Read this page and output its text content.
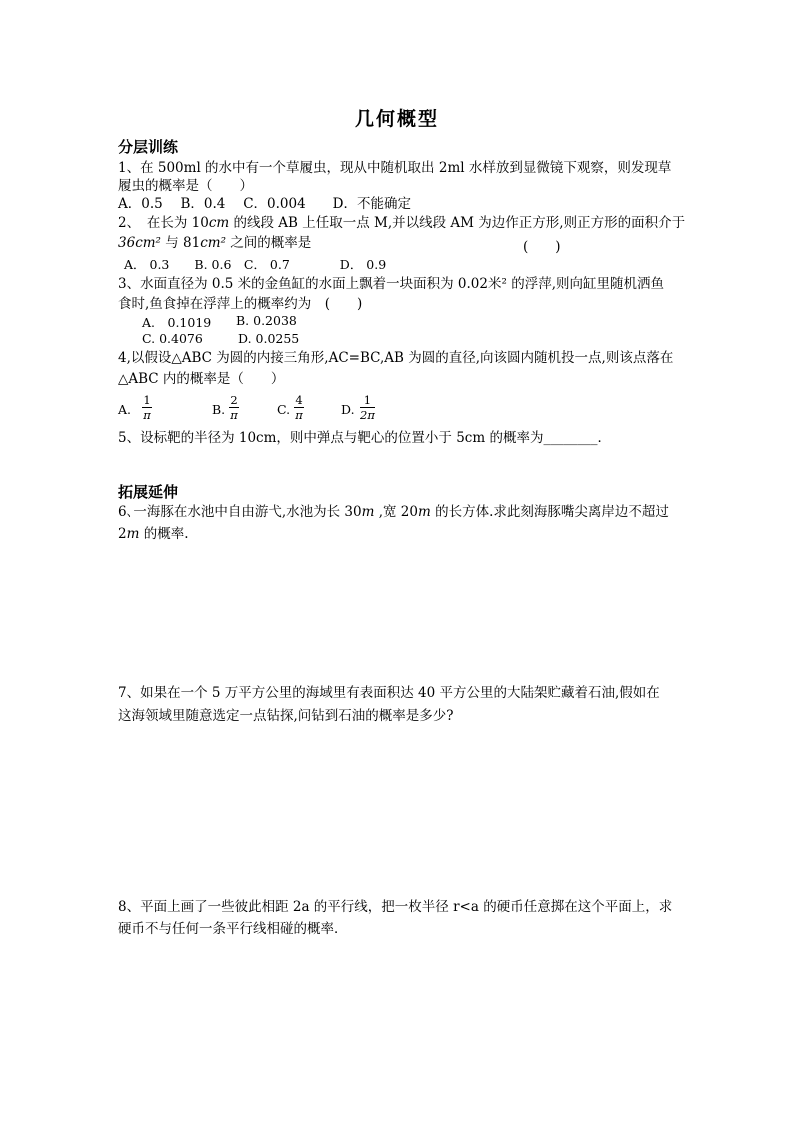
几何概型
分层训练
1、在 500ml 的水中有一个草履虫，现从中随机取出 2ml 水样放到显微镜下观察，则发现草
履虫的概率是（　　）
A．0.5　 B．0.4　 C．0.004　　D．不能确定
2、　在长为 10cm 的线段 AB 上任取一点 M,并以线段 AM 为边作正方形,则正方形的面积介于
36cm² 与 81cm² 之间的概率是	(　　)
A． 0.3　　B. 0.6　C． 0.7　　　　D． 0.9
3、水面直径为 0.5 米的金鱼缸的水面上飘着一块面积为 0.02米² 的浮萍,则向缸里随机洒鱼
食时,鱼食掉在浮萍上的概率约为　(　　)
A.　0.1019 B. 0.2038
C. 0.4076	D. 0.0255
4,以假设△ABC 为圆的内接三角形,AC=BC,AB 为圆的直径,向该圆内随机投一点,则该点落在
△ABC 内的概率是（　　）
A.
1
π	B.
2
π	C.
4
π	D.
1
2π
5、设标靶的半径为 10cm，则中弹点与靶心的位置小于 5cm 的概率为________．
拓展延伸
6､一海豚在水池中自由游弋,水池为长 30m ,宽 20m 的长方体.求此刻海豚嘴尖离岸边不超过
2m 的概率.
7、如果在一个 5 万平方公里的海域里有表面积达 40 平方公里的大陆架贮藏着石油,假如在
这海领域里随意选定一点钻探,问钻到石油的概率是多少?
8、平面上画了一些彼此相距 2a 的平行线，把一枚半径 r<a 的硬币任意掷在这个平面上，求
硬币不与任何一条平行线相碰的概率．
